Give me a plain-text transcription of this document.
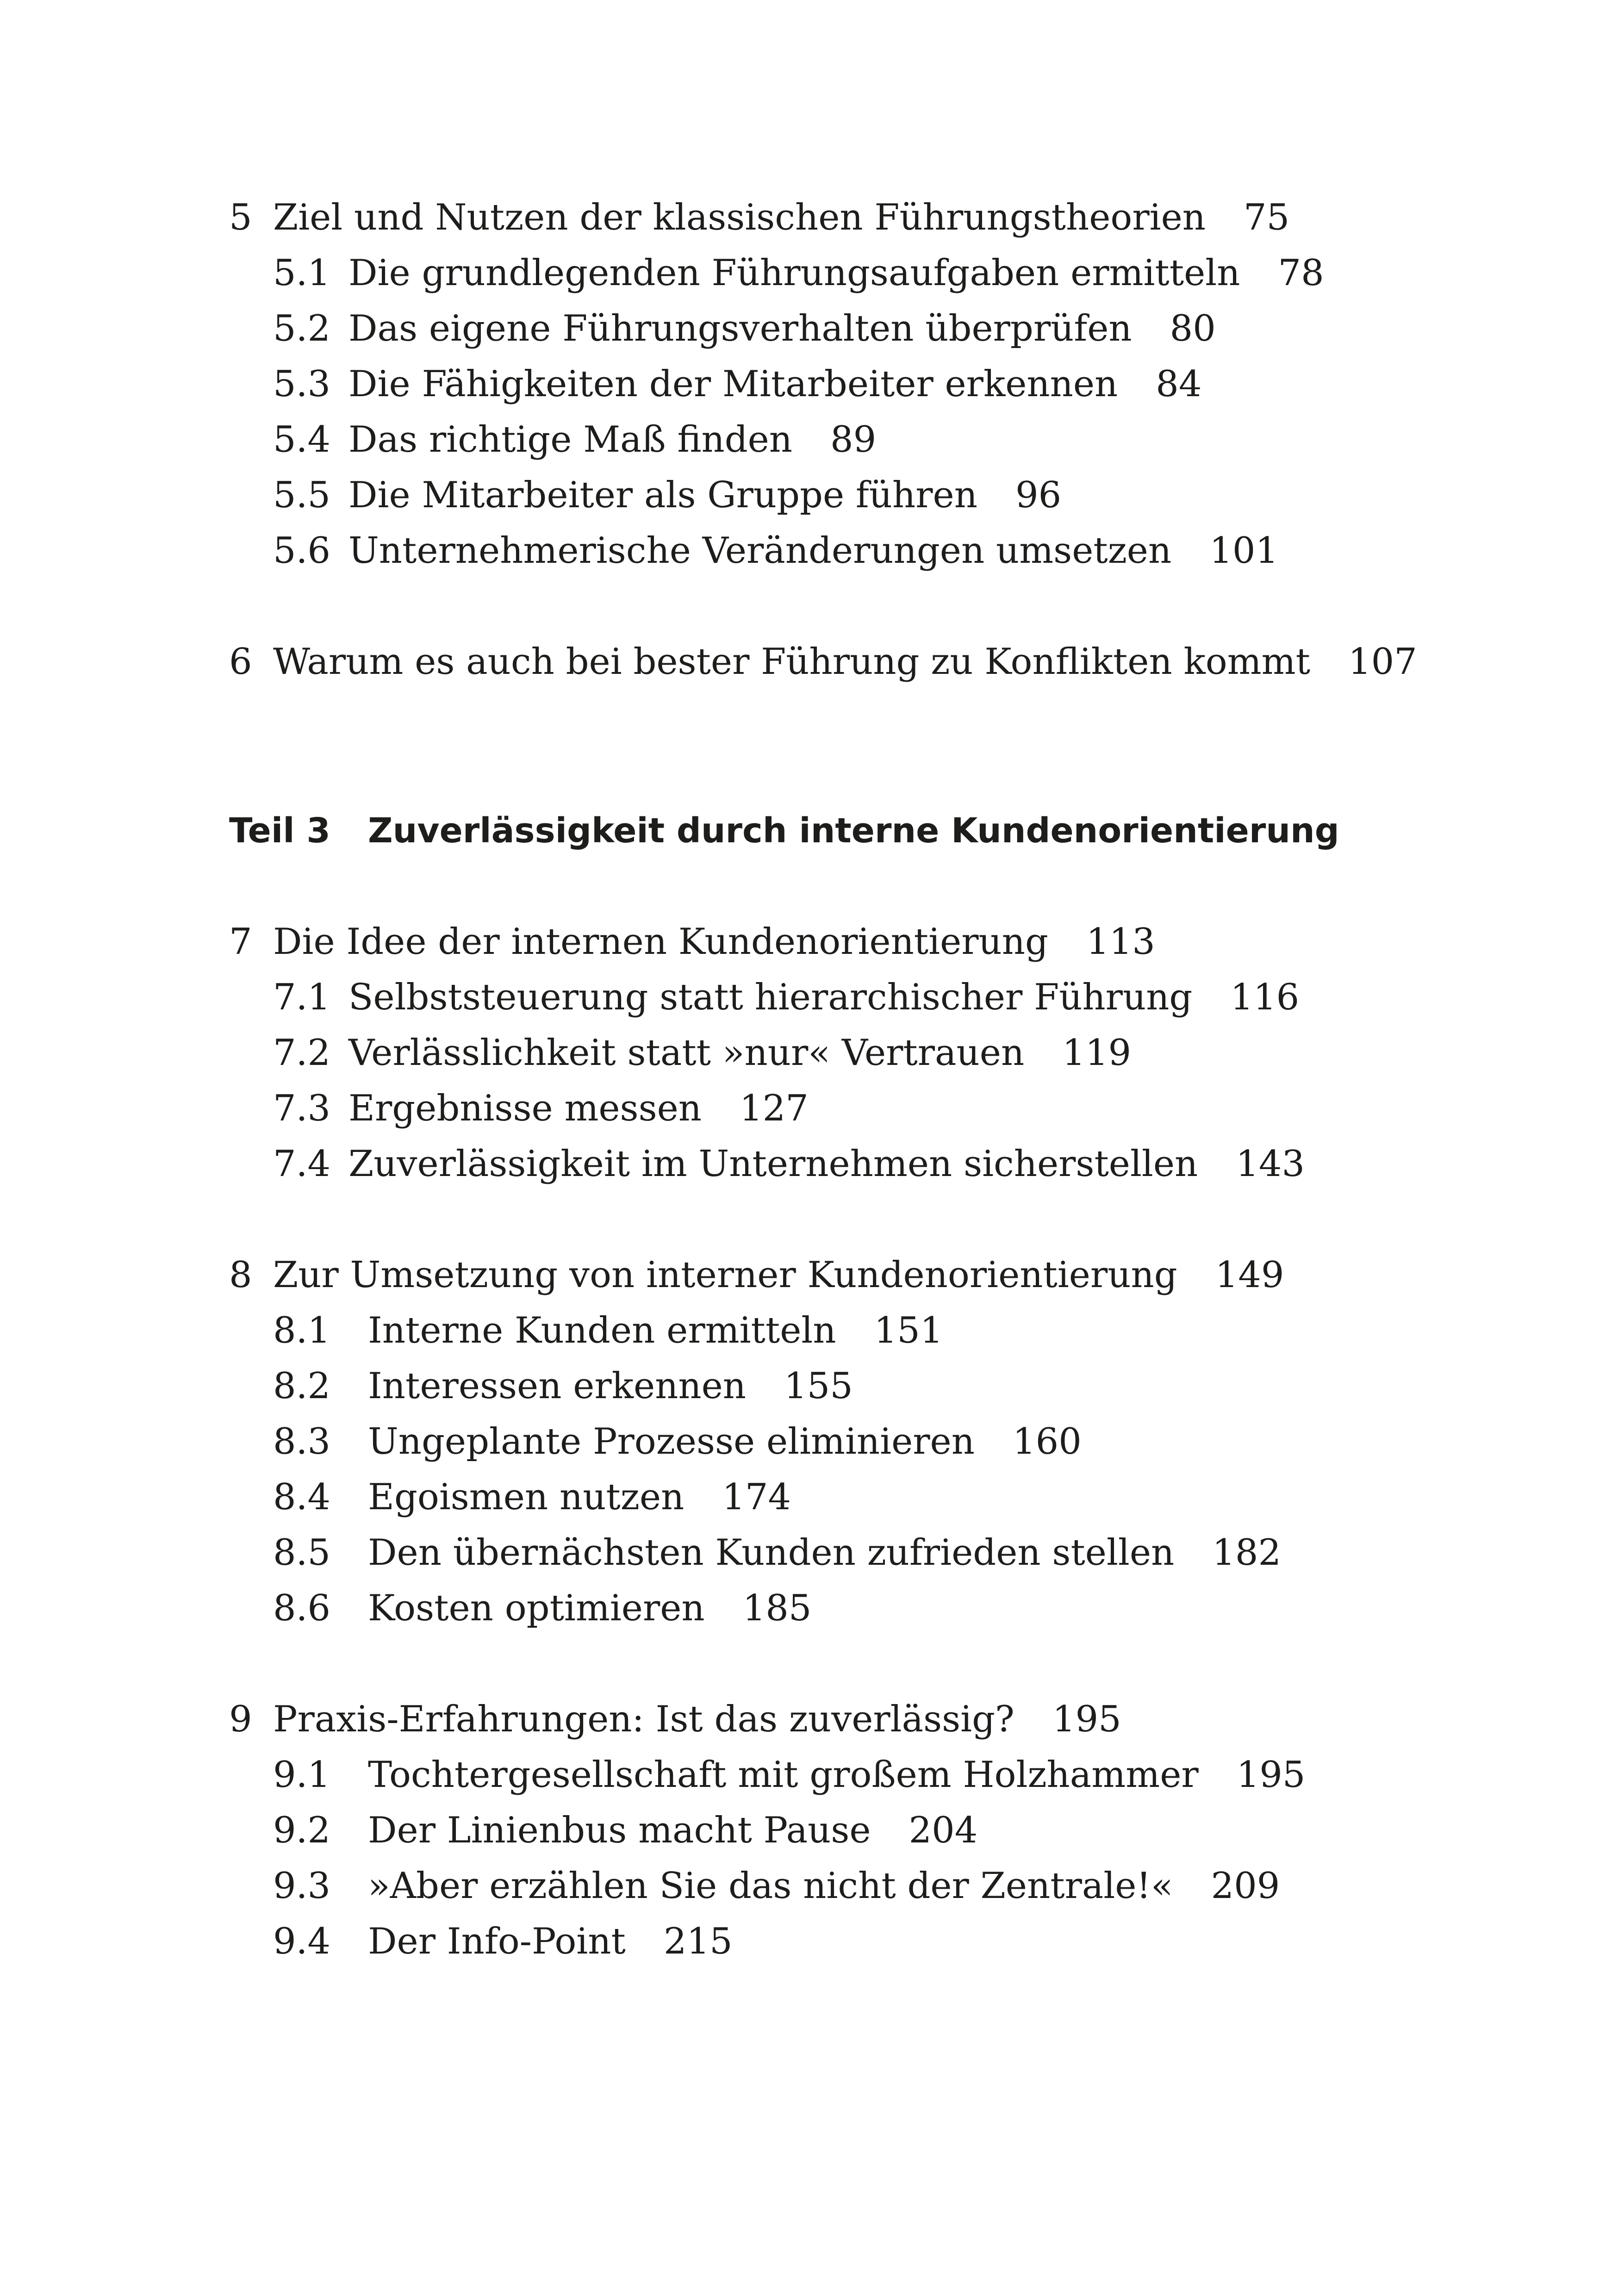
5 Ziel und Nutzen der klassischen Führungstheorien 75
5.1 Die grundlegenden Führungsaufgaben ermitteln 78
5.2 Das eigene Führungsverhalten überprüfen 80
5.3 Die Fähigkeiten der Mitarbeiter erkennen 84
5.4 Das richtige Maß finden 89
5.5 Die Mitarbeiter als Gruppe führen 96
5.6 Unternehmerische Veränderungen umsetzen 101
6 Warum es auch bei bester Führung zu Konflikten kommt 107
Teil 3 Zuverlässigkeit durch interne Kundenorientierung
7 Die Idee der internen Kundenorientierung 113
7.1 Selbststeuerung statt hierarchischer Führung 116
7.2 Verlässlichkeit statt »nur« Vertrauen 119
7.3 Ergebnisse messen 127
7.4 Zuverlässigkeit im Unternehmen sicherstellen 143
8 Zur Umsetzung von interner Kundenorientierung 149
8.1 Interne Kunden ermitteln 151
8.2 Interessen erkennen 155
8.3 Ungeplante Prozesse eliminieren 160
8.4 Egoismen nutzen 174
8.5 Den übernächsten Kunden zufrieden stellen 182
8.6 Kosten optimieren 185
9 Praxis-Erfahrungen: Ist das zuverlässig? 195
9.1 Tochtergesellschaft mit großem Holzhammer 195
9.2 Der Linienbus macht Pause 204
9.3 »Aber erzählen Sie das nicht der Zentrale!« 209
9.4 Der Info-Point 215
